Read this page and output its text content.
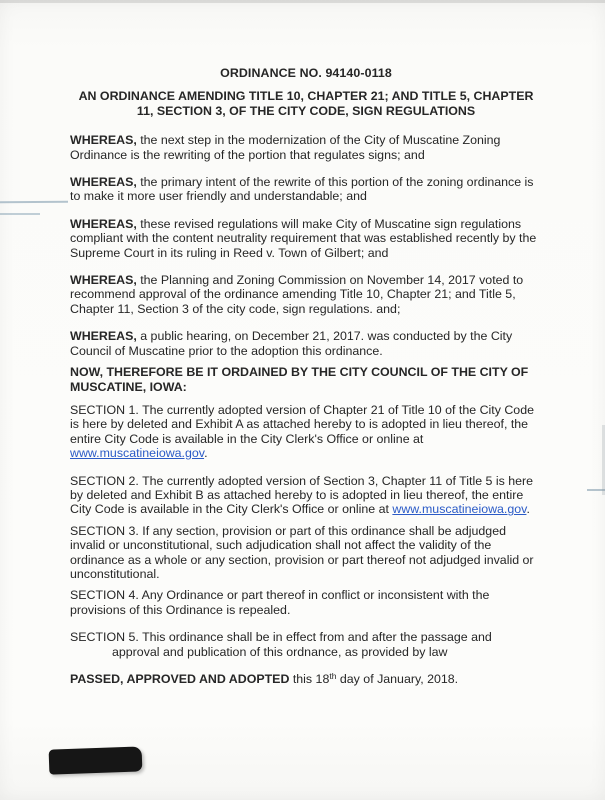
ORDINANCE NO. 94140-0118

AN ORDINANCE AMENDING TITLE 10, CHAPTER 21; AND TITLE 5, CHAPTER 11, SECTION 3, OF THE CITY CODE, SIGN REGULATIONS

WHEREAS, the next step in the modernization of the City of Muscatine Zoning Ordinance is the rewriting of the portion that regulates signs; and

WHEREAS, the primary intent of the rewrite of this portion of the zoning ordinance is to make it more user friendly and understandable; and

WHEREAS, these revised regulations will make City of Muscatine sign regulations compliant with the content neutrality requirement that was established recently by the Supreme Court in its ruling in Reed v. Town of Gilbert; and

WHEREAS, the Planning and Zoning Commission on November 14, 2017 voted to recommend approval of the ordinance amending Title 10, Chapter 21; and Title 5, Chapter 11, Section 3 of the city code, sign regulations. and;

WHEREAS, a public hearing, on December 21, 2017. was conducted by the City Council of Muscatine prior to the adoption this ordinance.

NOW, THEREFORE BE IT ORDAINED BY THE CITY COUNCIL OF THE CITY OF MUSCATINE, IOWA:

SECTION 1. The currently adopted version of Chapter 21 of Title 10 of the City Code is here by deleted and Exhibit A as attached hereby to is adopted in lieu thereof, the entire City Code is available in the City Clerk's Office or online at www.muscatineiowa.gov.

SECTION 2. The currently adopted version of Section 3, Chapter 11 of Title 5 is here by deleted and Exhibit B as attached hereby to is adopted in lieu thereof, the entire City Code is available in the City Clerk's Office or online at www.muscatineiowa.gov.

SECTION 3. If any section, provision or part of this ordinance shall be adjudged invalid or unconstitutional, such adjudication shall not affect the validity of the ordinance as a whole or any section, provision or part thereof not adjudged invalid or unconstitutional.

SECTION 4. Any Ordinance or part thereof in conflict or inconsistent with the provisions of this Ordinance is repealed.

SECTION 5. This ordinance shall be in effect from and after the passage and approval and publication of this ordnance, as provided by law

PASSED, APPROVED AND ADOPTED this 18th day of January, 2018.
